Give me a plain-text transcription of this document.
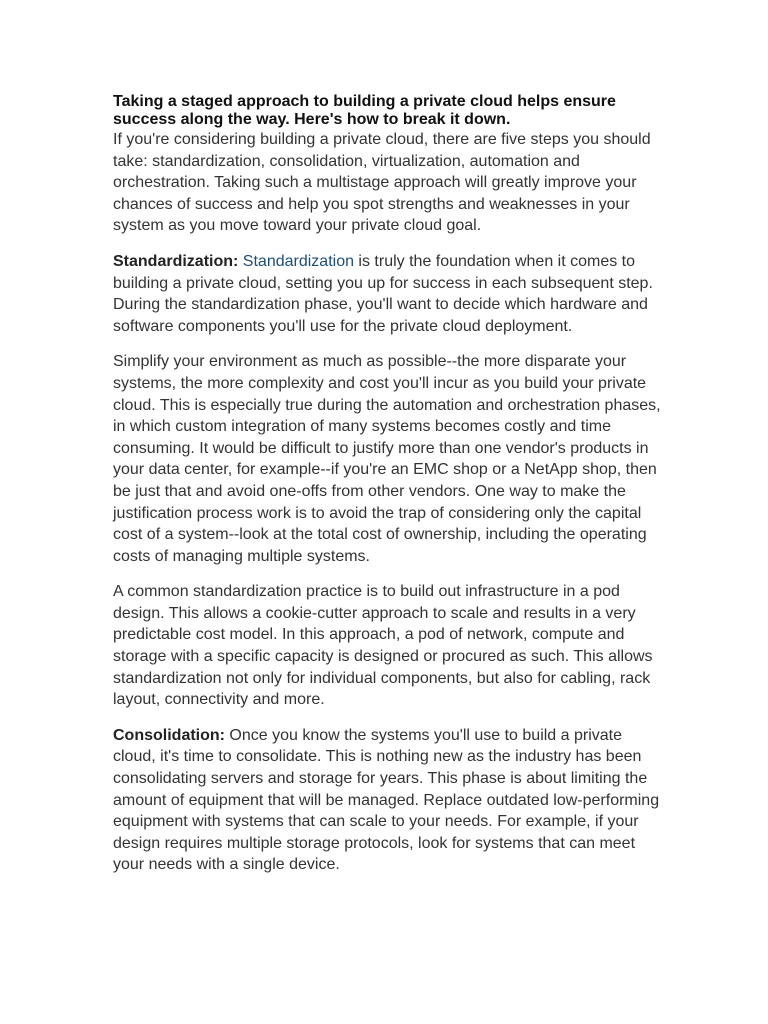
Taking a staged approach to building a private cloud helps ensure success along the way. Here's how to break it down.

If you're considering building a private cloud, there are five steps you should take: standardization, consolidation, virtualization, automation and orchestration. Taking such a multistage approach will greatly improve your chances of success and help you spot strengths and weaknesses in your system as you move toward your private cloud goal.

Standardization: Standardization is truly the foundation when it comes to building a private cloud, setting you up for success in each subsequent step. During the standardization phase, you'll want to decide which hardware and software components you'll use for the private cloud deployment.

Simplify your environment as much as possible--the more disparate your systems, the more complexity and cost you'll incur as you build your private cloud. This is especially true during the automation and orchestration phases, in which custom integration of many systems becomes costly and time consuming. It would be difficult to justify more than one vendor's products in your data center, for example--if you're an EMC shop or a NetApp shop, then be just that and avoid one-offs from other vendors. One way to make the justification process work is to avoid the trap of considering only the capital cost of a system--look at the total cost of ownership, including the operating costs of managing multiple systems.

A common standardization practice is to build out infrastructure in a pod design. This allows a cookie-cutter approach to scale and results in a very predictable cost model. In this approach, a pod of network, compute and storage with a specific capacity is designed or procured as such. This allows standardization not only for individual components, but also for cabling, rack layout, connectivity and more.

Consolidation: Once you know the systems you'll use to build a private cloud, it's time to consolidate. This is nothing new as the industry has been consolidating servers and storage for years. This phase is about limiting the amount of equipment that will be managed. Replace outdated low-performing equipment with systems that can scale to your needs. For example, if your design requires multiple storage protocols, look for systems that can meet your needs with a single device.
